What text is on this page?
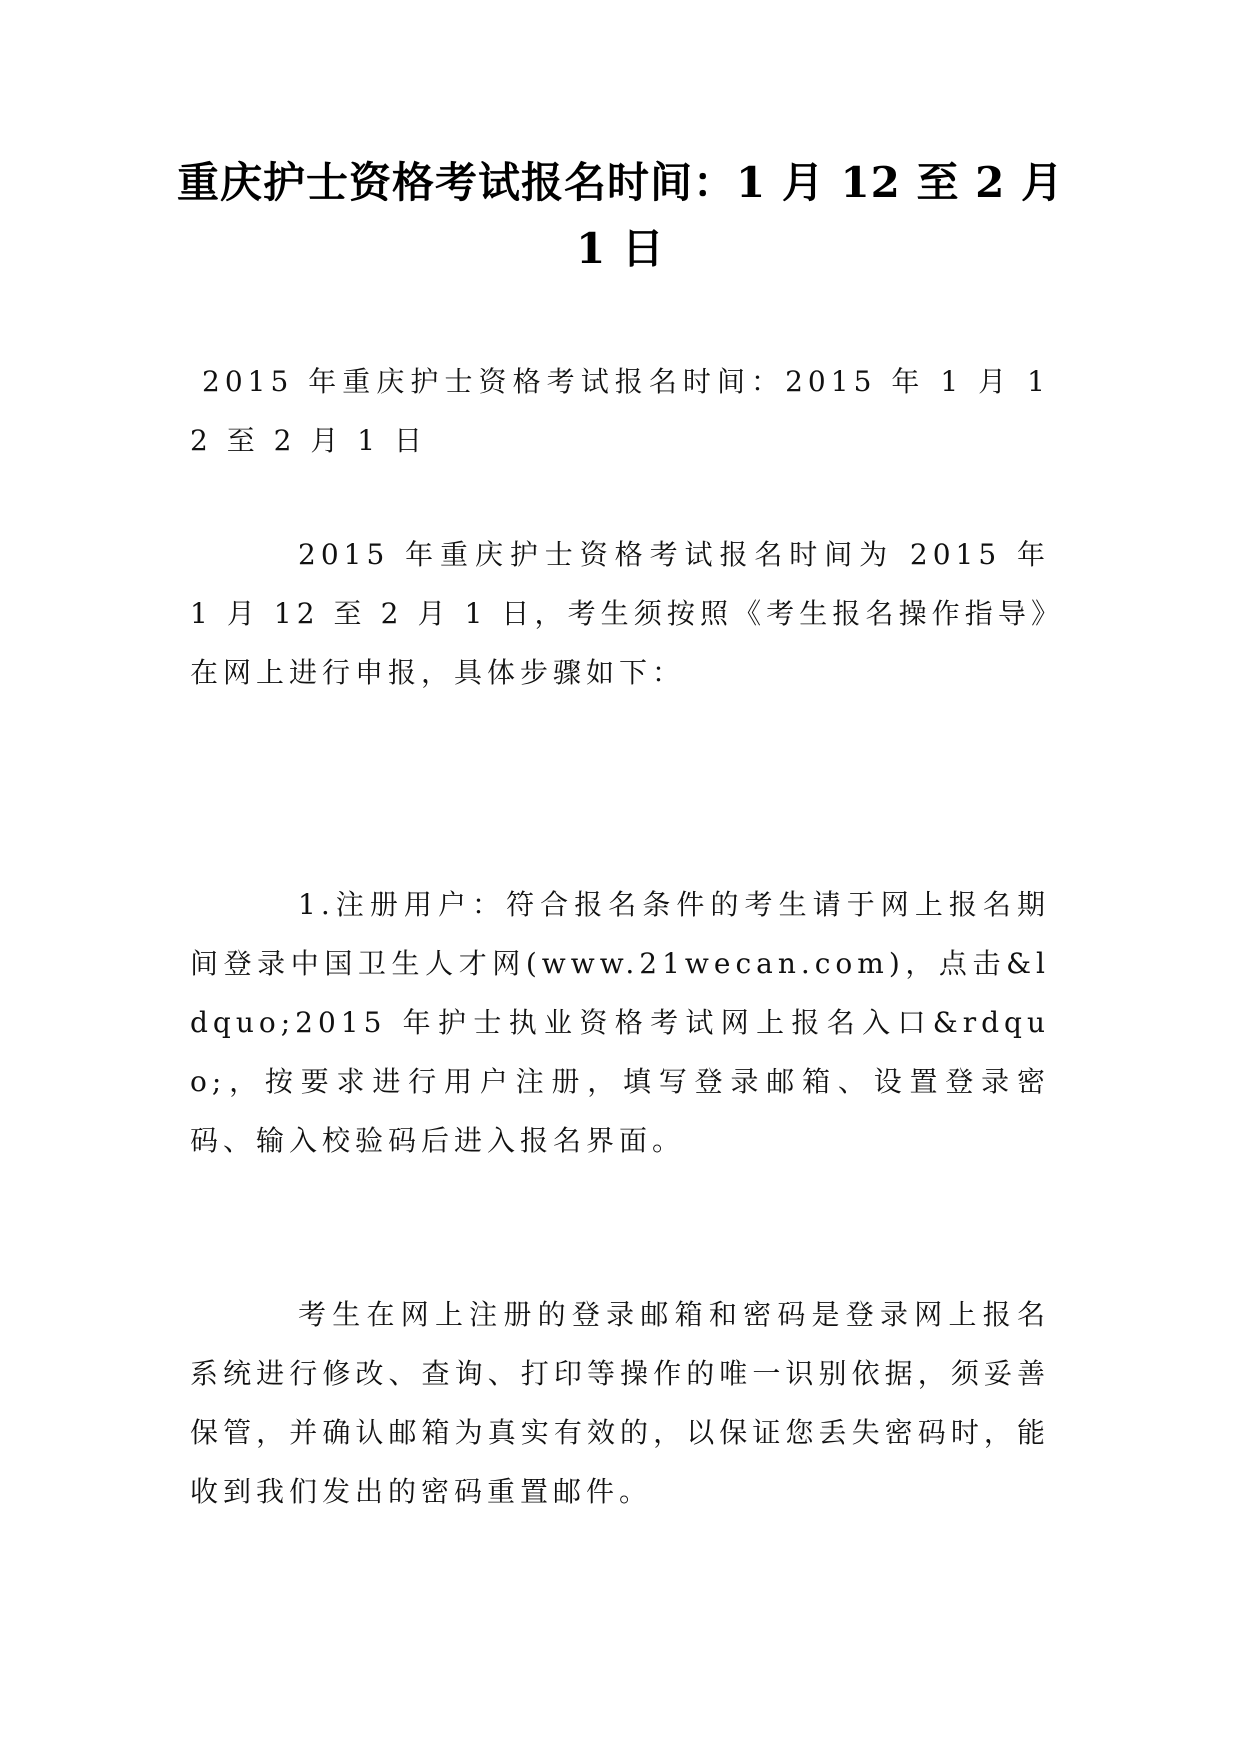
重庆护士资格考试报名时间：1 月 12 至 2 月 1 日

2015 年重庆护士资格考试报名时间：2015 年 1 月 12 至 2 月 1 日

2015 年重庆护士资格考试报名时间为 2015 年 1 月 12 至 2 月 1 日，考生须按照《考生报名操作指导》在网上进行申报，具体步骤如下：

1.注册用户：符合报名条件的考生请于网上报名期间登录中国卫生人才网(www.21wecan.com)，点击&ldquo;2015 年护士执业资格考试网上报名入口&rdquo;，按要求进行用户注册，填写登录邮箱、设置登录密码、输入校验码后进入报名界面。

考生在网上注册的登录邮箱和密码是登录网上报名系统进行修改、查询、打印等操作的唯一识别依据，须妥善保管，并确认邮箱为真实有效的，以保证您丢失密码时，能收到我们发出的密码重置邮件。
